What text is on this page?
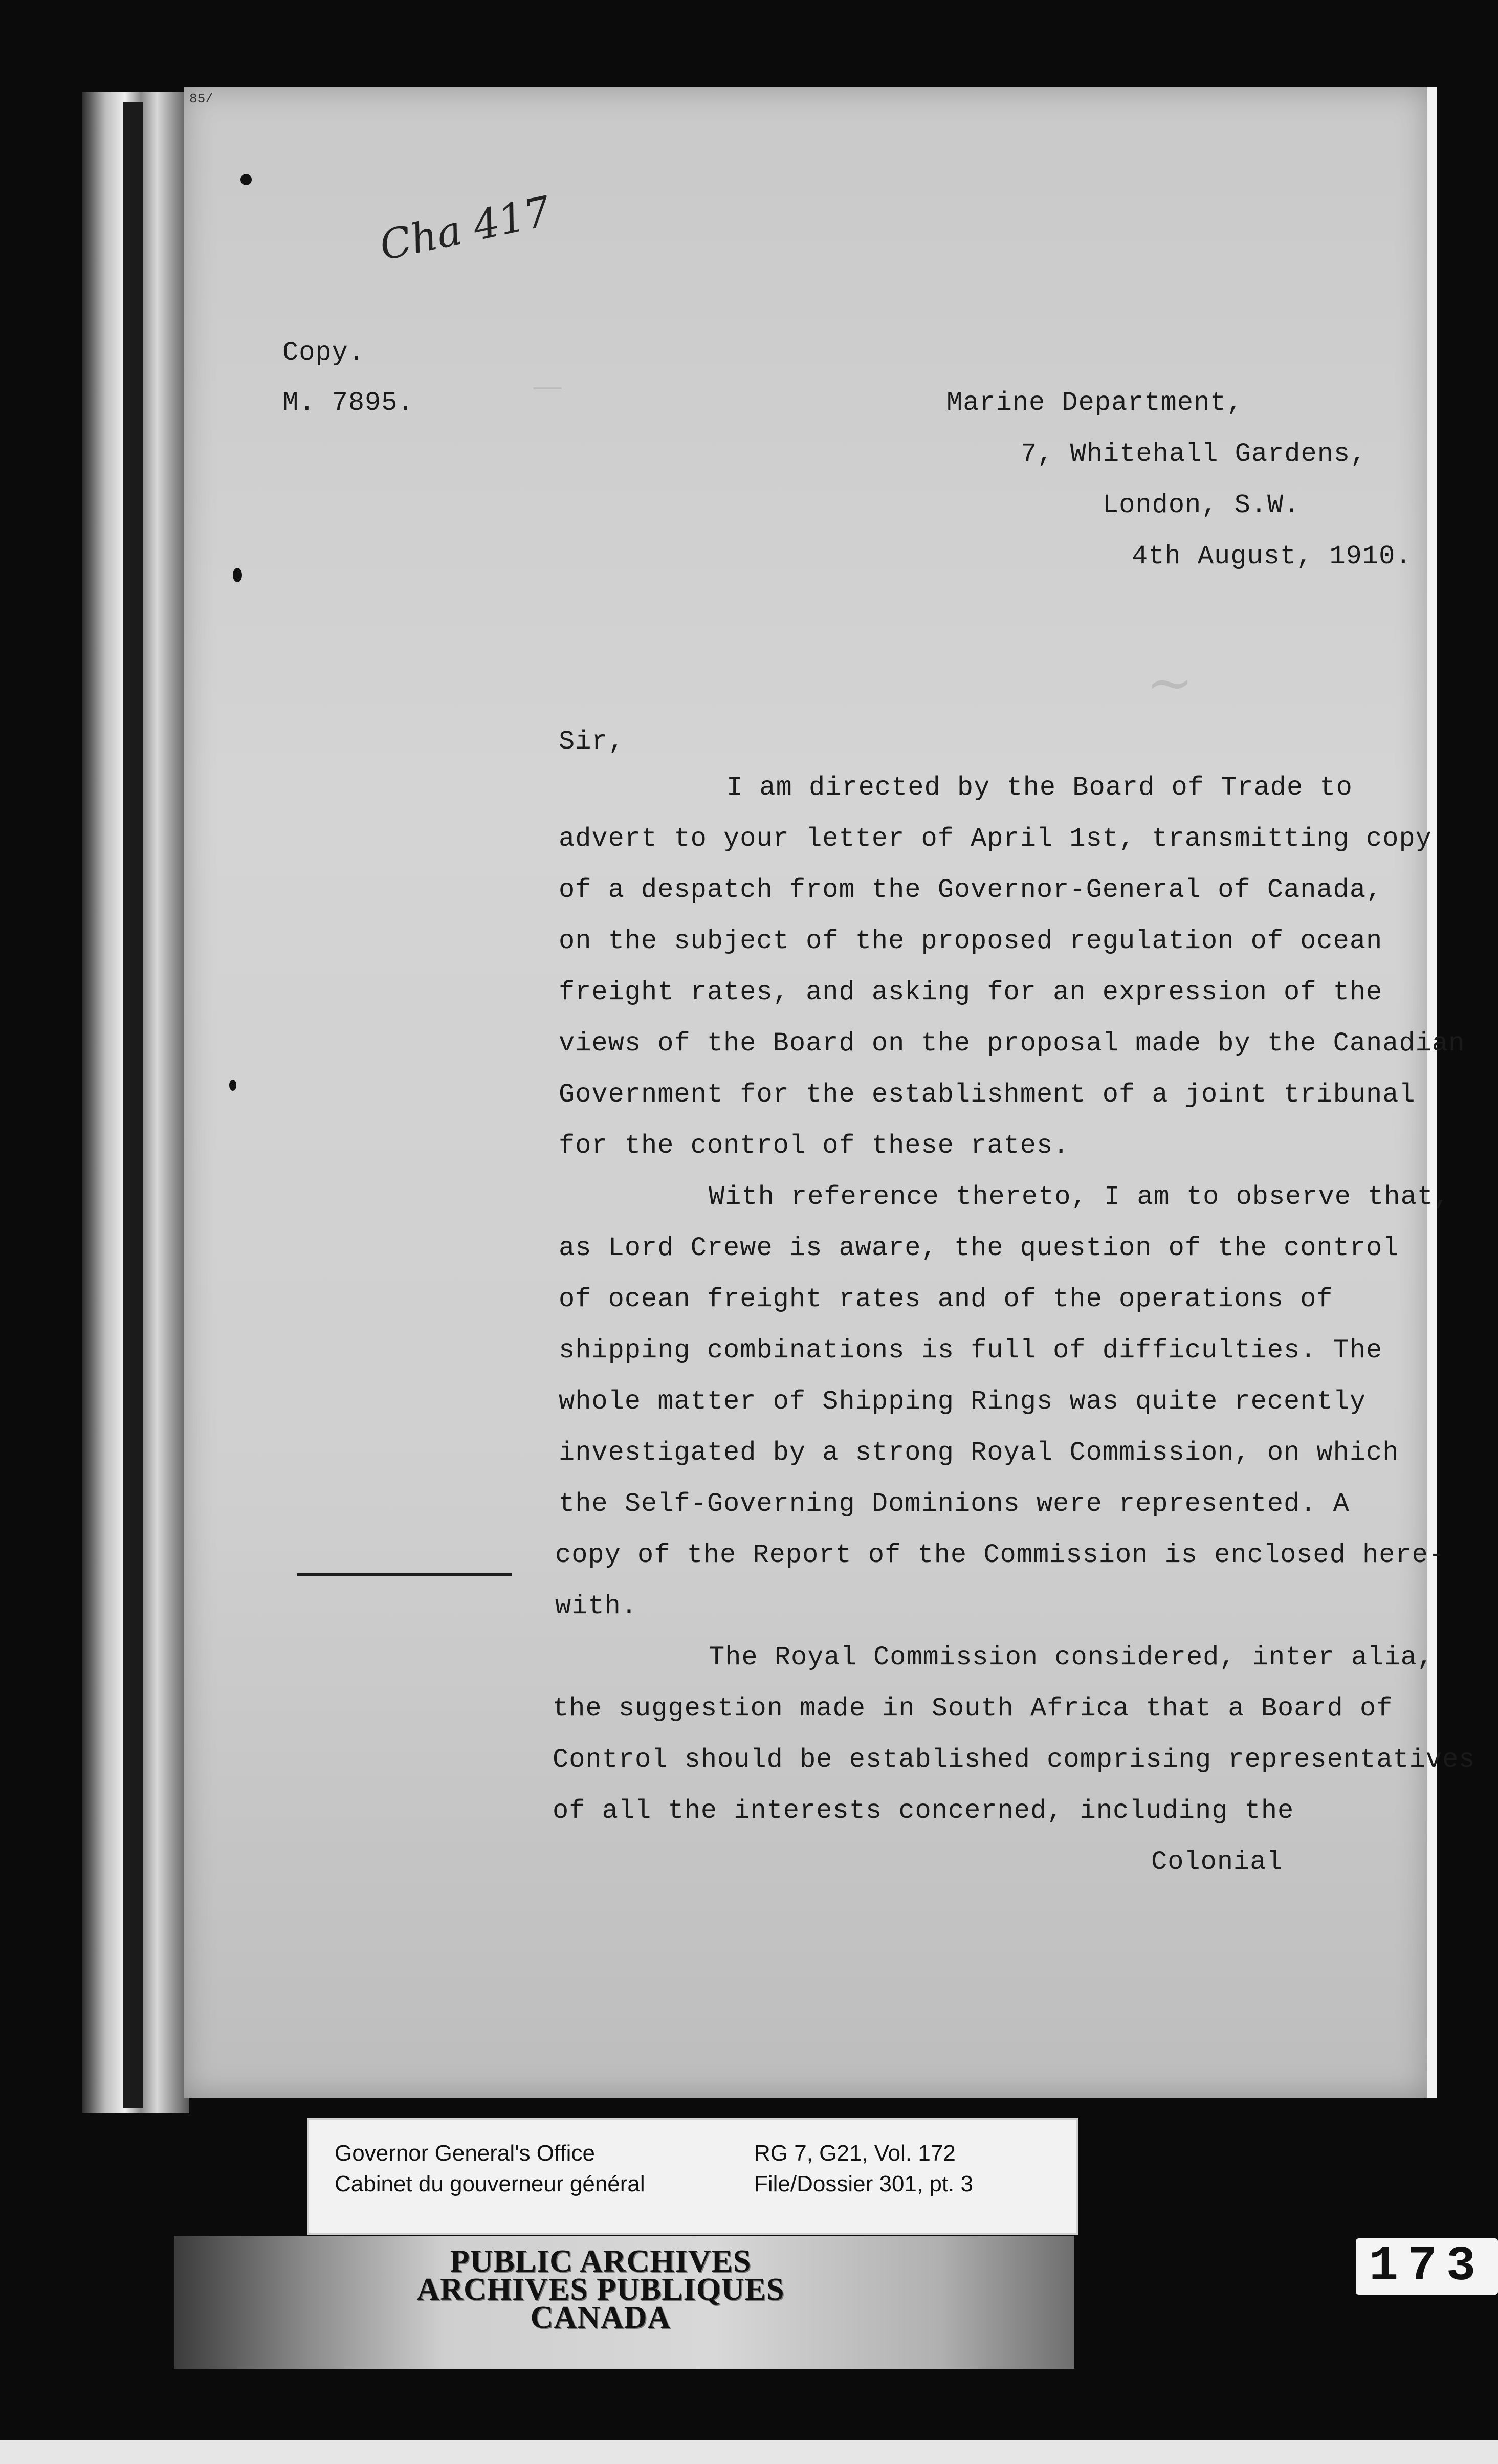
85/
Cha 417
—
~
Copy.
M. 7895.	Marine Department,
7, Whitehall Gardens,
London, S.W.
4th August, 1910.
Sir,
I am directed by the Board of Trade to
advert to your letter of April 1st, transmitting copy
of a despatch from the Governor-General of Canada,
on the subject of the proposed regulation of ocean
freight rates, and asking for an expression of the
views of the Board on the proposal made by the Canadian
Government for the establishment of a joint tribunal
for the control of these rates.
With reference thereto, I am to observe that,
as Lord Crewe is aware, the question of the control
of ocean freight rates and of the operations of
shipping combinations is full of difficulties. The
whole matter of Shipping Rings was quite recently
investigated by a strong Royal Commission, on which
the Self-Governing Dominions were represented. A
copy of the Report of the Commission is enclosed here-
with.
The Royal Commission considered, inter alia,
the suggestion made in South Africa that a Board of
Control should be established comprising representatives
of all the interests concerned, including the
Colonial
Governor General's Office
Cabinet du gouverneur général
RG 7, G21, Vol. 172
File/Dossier 301, pt. 3
PUBLIC ARCHIVES
ARCHIVES PUBLIQUES
CANADA
173
